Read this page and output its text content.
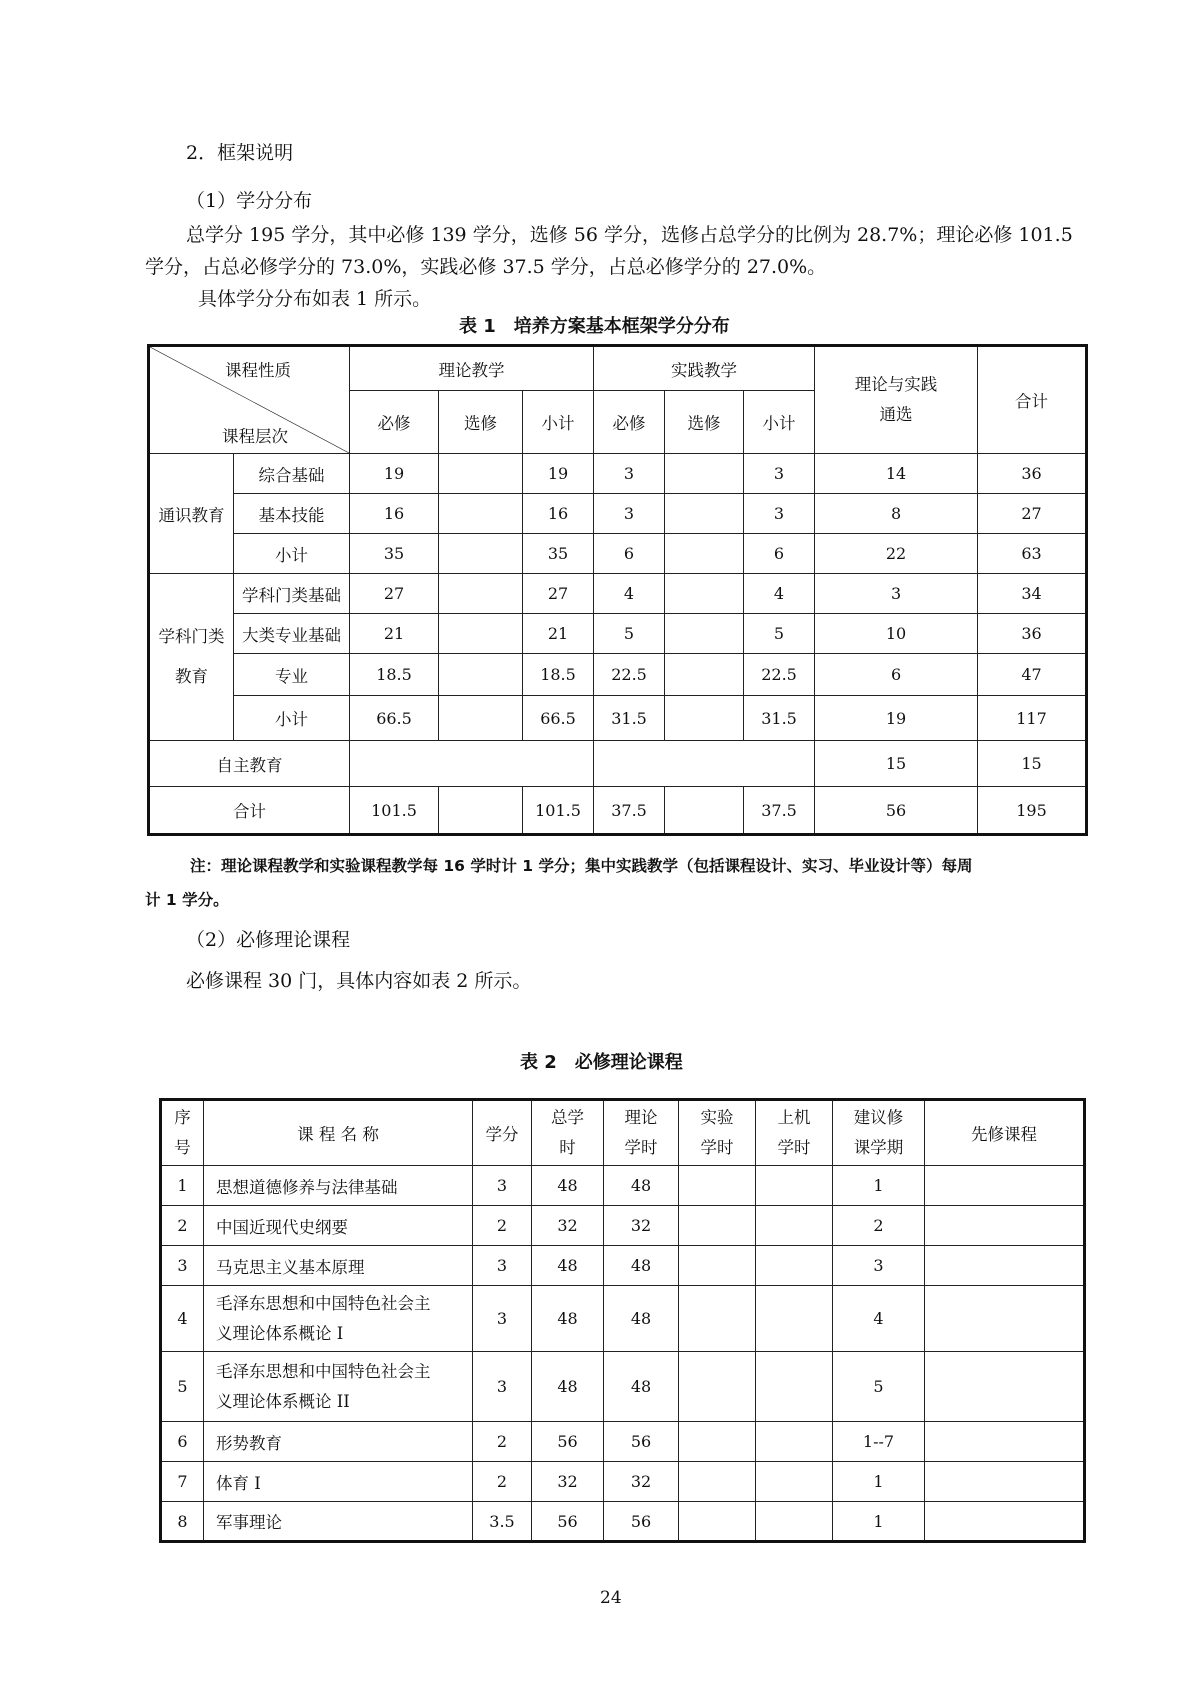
2．框架说明
（1）学分分布
总学分 195 学分，其中必修 139 学分，选修 56 学分，选修占总学分的比例为 28.7%；理论必修 101.5
学分，占总必修学分的 73.0%，实践必修 37.5 学分，占总必修学分的 27.0%。
具体学分分布如表 1 所示。
表 1　培养方案基本框架学分分布
课程性质
课程层次		理论教学			实践教学			理论与实践
通选	合计
		必修	选修	小计	必修	选修	小计		
通识教育	综合基础	19		19	3		3	14	36
	基本技能	16		16	3		3	8	27
	小计	35		35	6		6	22	63
学科门类
教育	学科门类基础	27		27	4		4	3	34
	大类专业基础	21		21	5		5	10	36
	专业	18.5		18.5	22.5		22.5	6	47
	小计	66.5		66.5	31.5		31.5	19	117
自主教育								15	15
合计		101.5		101.5	37.5		37.5	56	195
注：理论课程教学和实验课程教学每 16 学时计 1 学分；集中实践教学（包括课程设计、实习、毕业设计等）每周
计 1 学分。
（2）必修理论课程
必修课程 30 门，具体内容如表 2 所示。
表 2　必修理论课程
序
号	课 程 名 称	学分	总学
时	理论
学时	实验
学时	上机
学时	建议修
课学期	先修课程
1	思想道德修养与法律基础	3	48	48			1	
2	中国近现代史纲要	2	32	32			2	
3	马克思主义基本原理	3	48	48			3	
4	毛泽东思想和中国特色社会主
义理论体系概论 I	3	48	48			4	
5	毛泽东思想和中国特色社会主
义理论体系概论 II	3	48	48			5	
6	形势教育	2	56	56			1--7	
7	体育 I	2	32	32			1	
8	军事理论	3.5	56	56			1	
24
